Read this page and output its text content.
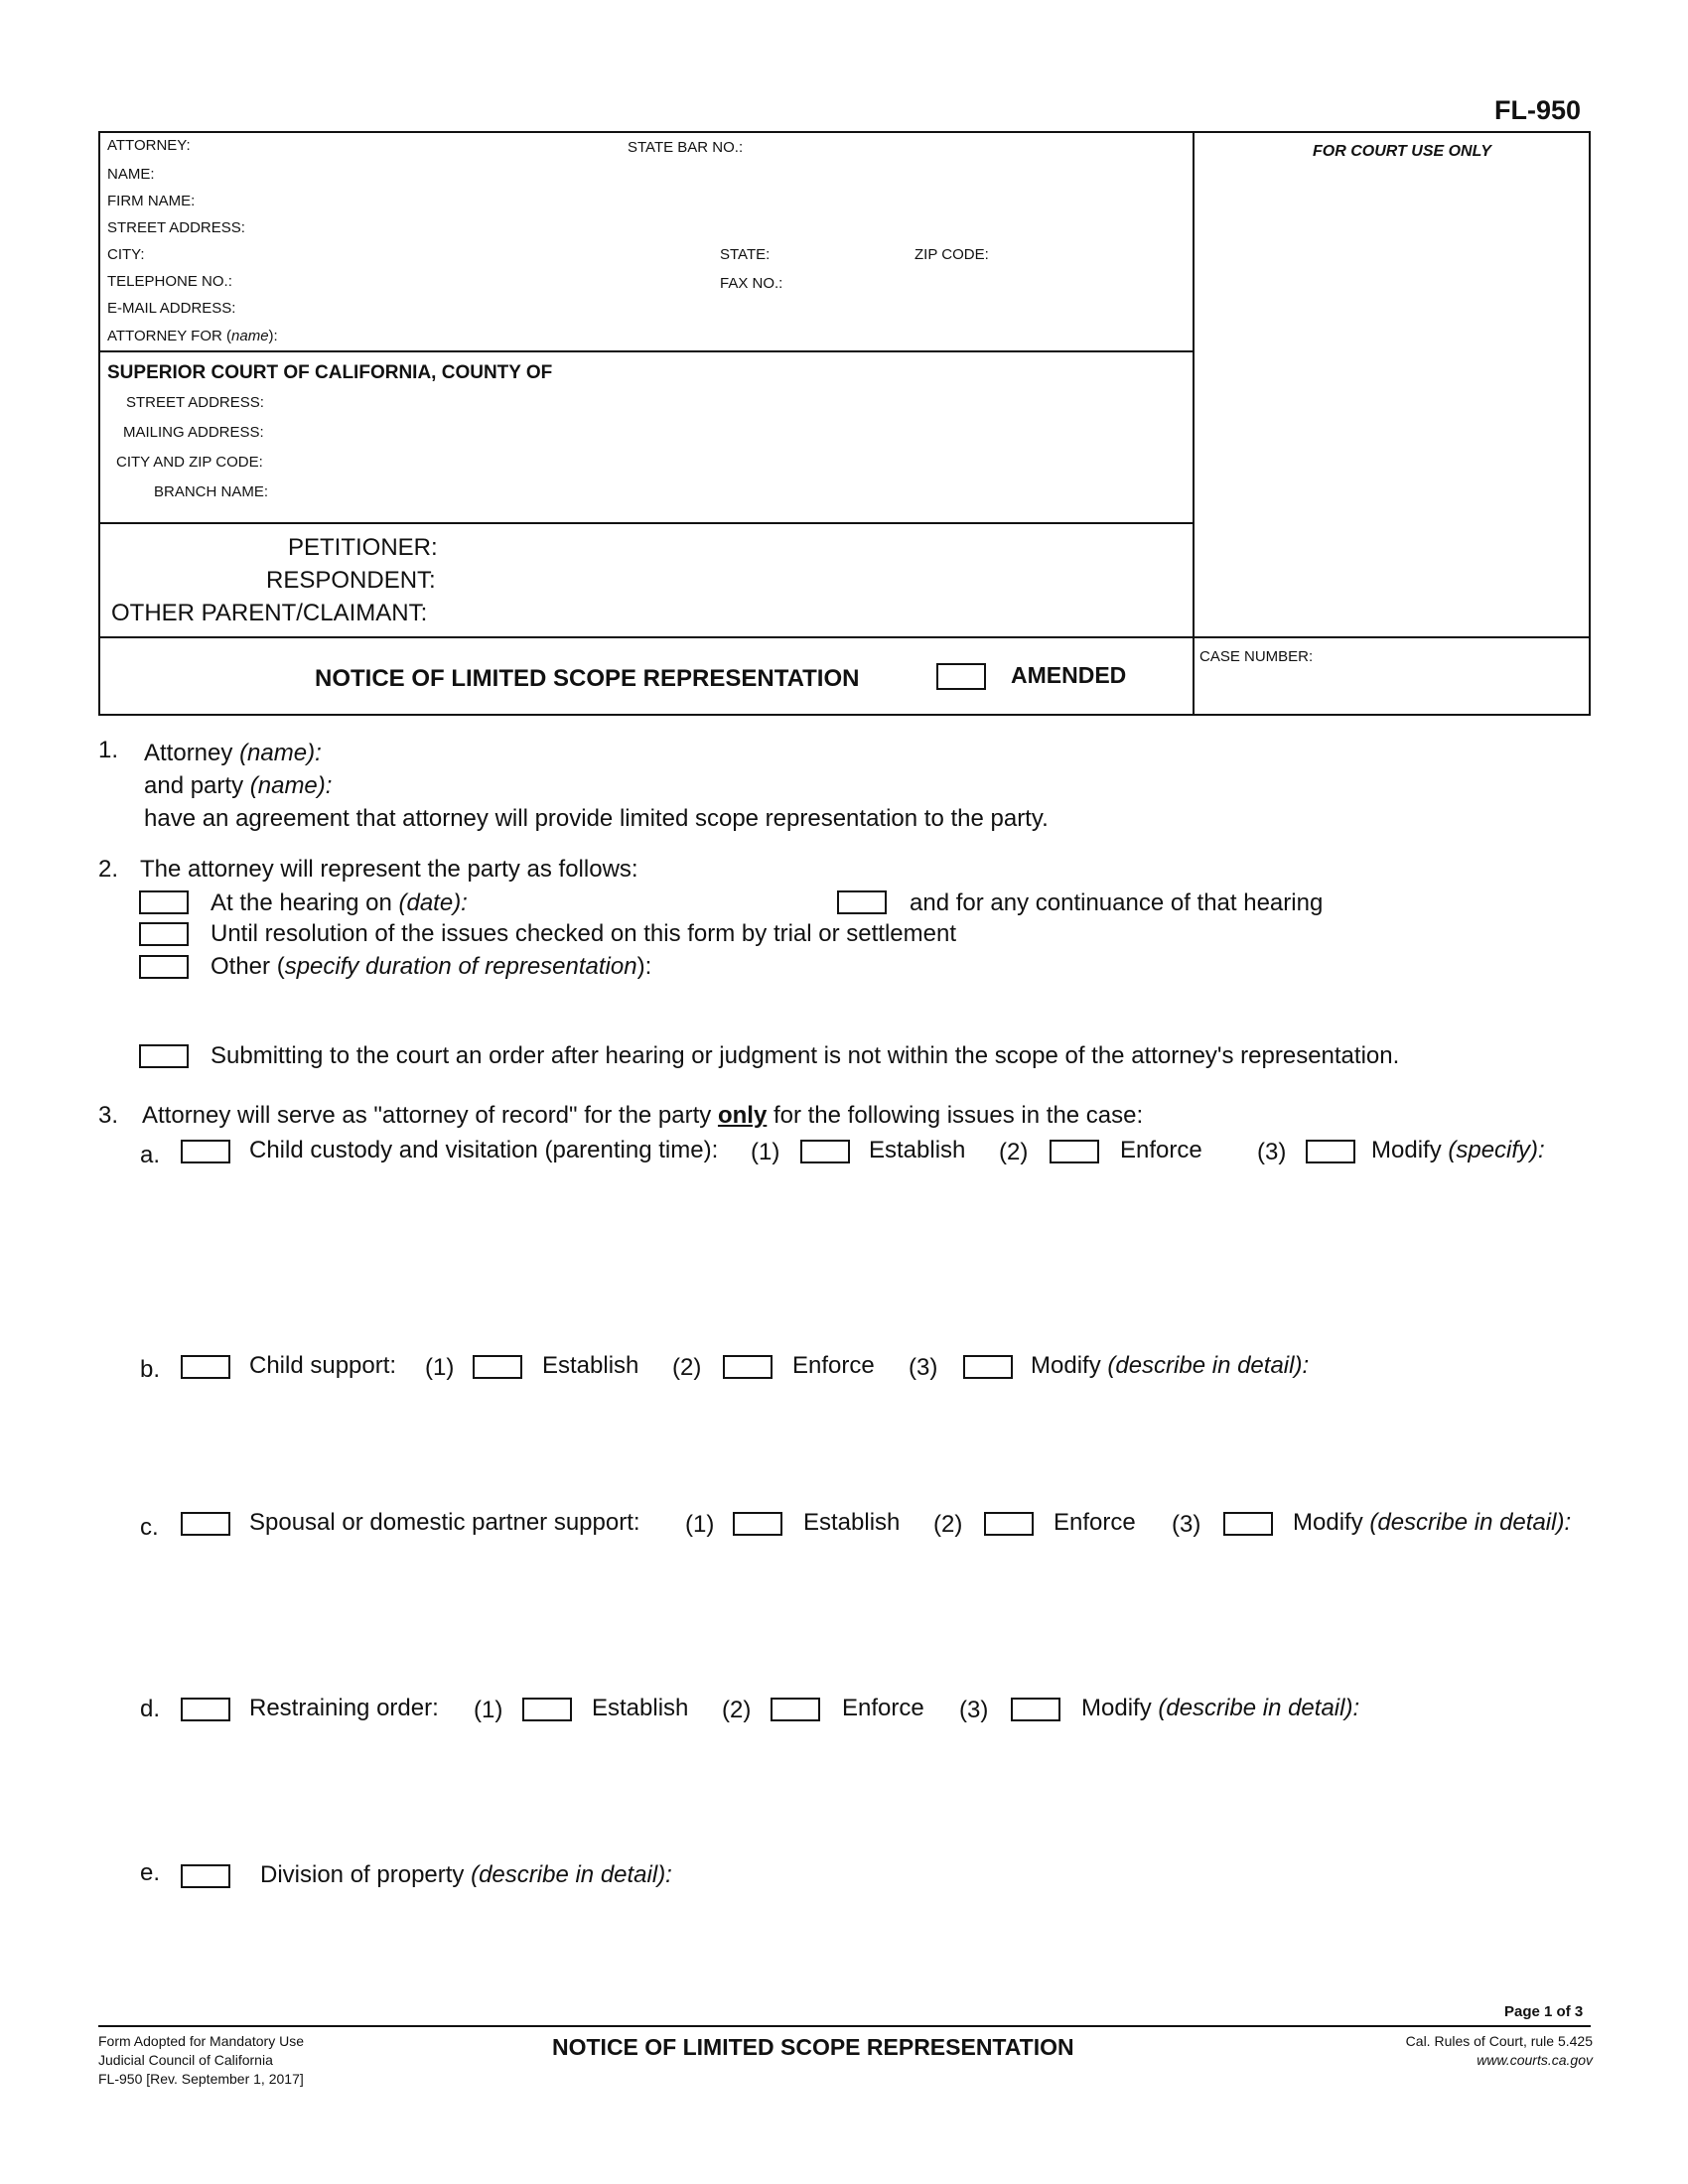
FL-950
ATTORNEY:	STATE BAR NO.:
NAME:
FIRM NAME:
STREET ADDRESS:
CITY:	STATE:	ZIP CODE:
TELEPHONE NO.:	FAX NO.:
E-MAIL ADDRESS:
ATTORNEY FOR (name):
FOR COURT USE ONLY
SUPERIOR COURT OF CALIFORNIA, COUNTY OF
STREET ADDRESS:
MAILING ADDRESS:
CITY AND ZIP CODE:
BRANCH NAME:
PETITIONER:
RESPONDENT:
OTHER PARENT/CLAIMANT:
NOTICE OF LIMITED SCOPE REPRESENTATION	AMENDED
CASE NUMBER:
1. Attorney (name):
and party (name):
have an agreement that attorney will provide limited scope representation to the party.
2. The attorney will represent the party as follows:
At the hearing on (date):	and for any continuance of that hearing
Until resolution of the issues checked on this form by trial or settlement
Other (specify duration of representation):
Submitting to the court an order after hearing or judgment is not within the scope of the attorney's representation.
3. Attorney will serve as "attorney of record" for the party only for the following issues in the case:
a.	Child custody and visitation (parenting time): (1)	Establish (2)	Enforce (3)	Modify (specify):
b.	Child support: (1)	Establish (2)	Enforce (3)	Modify (describe in detail):
c.	Spousal or domestic partner support: (1)	Establish (2)	Enforce (3)	Modify (describe in detail):
d.	Restraining order: (1)	Establish (2)	Enforce (3)	Modify (describe in detail):
e.	Division of property (describe in detail):
Page 1 of 3
Form Adopted for Mandatory Use
Judicial Council of California
FL-950 [Rev. September 1, 2017]
NOTICE OF LIMITED SCOPE REPRESENTATION	Cal. Rules of Court, rule 5.425
www.courts.ca.gov
